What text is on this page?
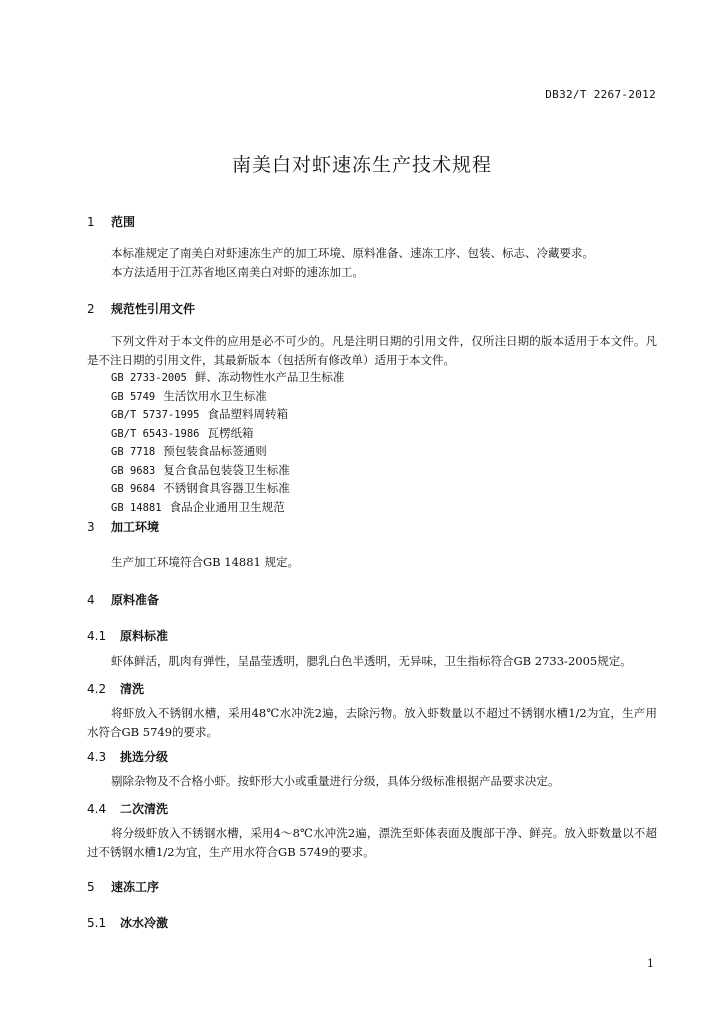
DB32/T 2267-2012
南美白对虾速冻生产技术规程
1 范围

本标准规定了南美白对虾速冻生产的加工环境、原料准备、速冻工序、包装、标志、冷藏要求。

本方法适用于江苏省地区南美白对虾的速冻加工。

2 规范性引用文件

下列文件对于本文件的应用是必不可少的。凡是注明日期的引用文件，仅所注日期的版本适用于本文件。凡是不注日期的引用文件，其最新版本（包括所有修改单）适用于本文件。

GB 2733-2005 鲜、冻动物性水产品卫生标准
GB 5749 生活饮用水卫生标准
GB/T 5737-1995 食品塑料周转箱
GB/T 6543-1986 瓦楞纸箱
GB 7718 预包装食品标签通则
GB 9683 复合食品包装袋卫生标准
GB 9684 不锈钢食具容器卫生标准
GB 14881 食品企业通用卫生规范
3 加工环境

生产加工环境符合GB 14881 规定。

4 原料准备
4.1 原料标准

虾体鲜活，肌肉有弹性，呈晶莹透明，腮乳白色半透明，无异味，卫生指标符合GB 2733-2005规定。

4.2 清洗

将虾放入不锈钢水槽，采用48℃水冲洗2遍，去除污物。放入虾数量以不超过不锈钢水槽1/2为宜，生产用水符合GB 5749的要求。

4.3 挑选分级

剔除杂物及不合格小虾。按虾形大小或重量进行分级，具体分级标准根据产品要求决定。

4.4 二次清洗

将分级虾放入不锈钢水槽，采用4～8℃水冲洗2遍，漂洗至虾体表面及腹部干净、鲜亮。放入虾数量以不超过不锈钢水槽1/2为宜，生产用水符合GB 5749的要求。

5 速冻工序
5.1 冰水冷激
1
